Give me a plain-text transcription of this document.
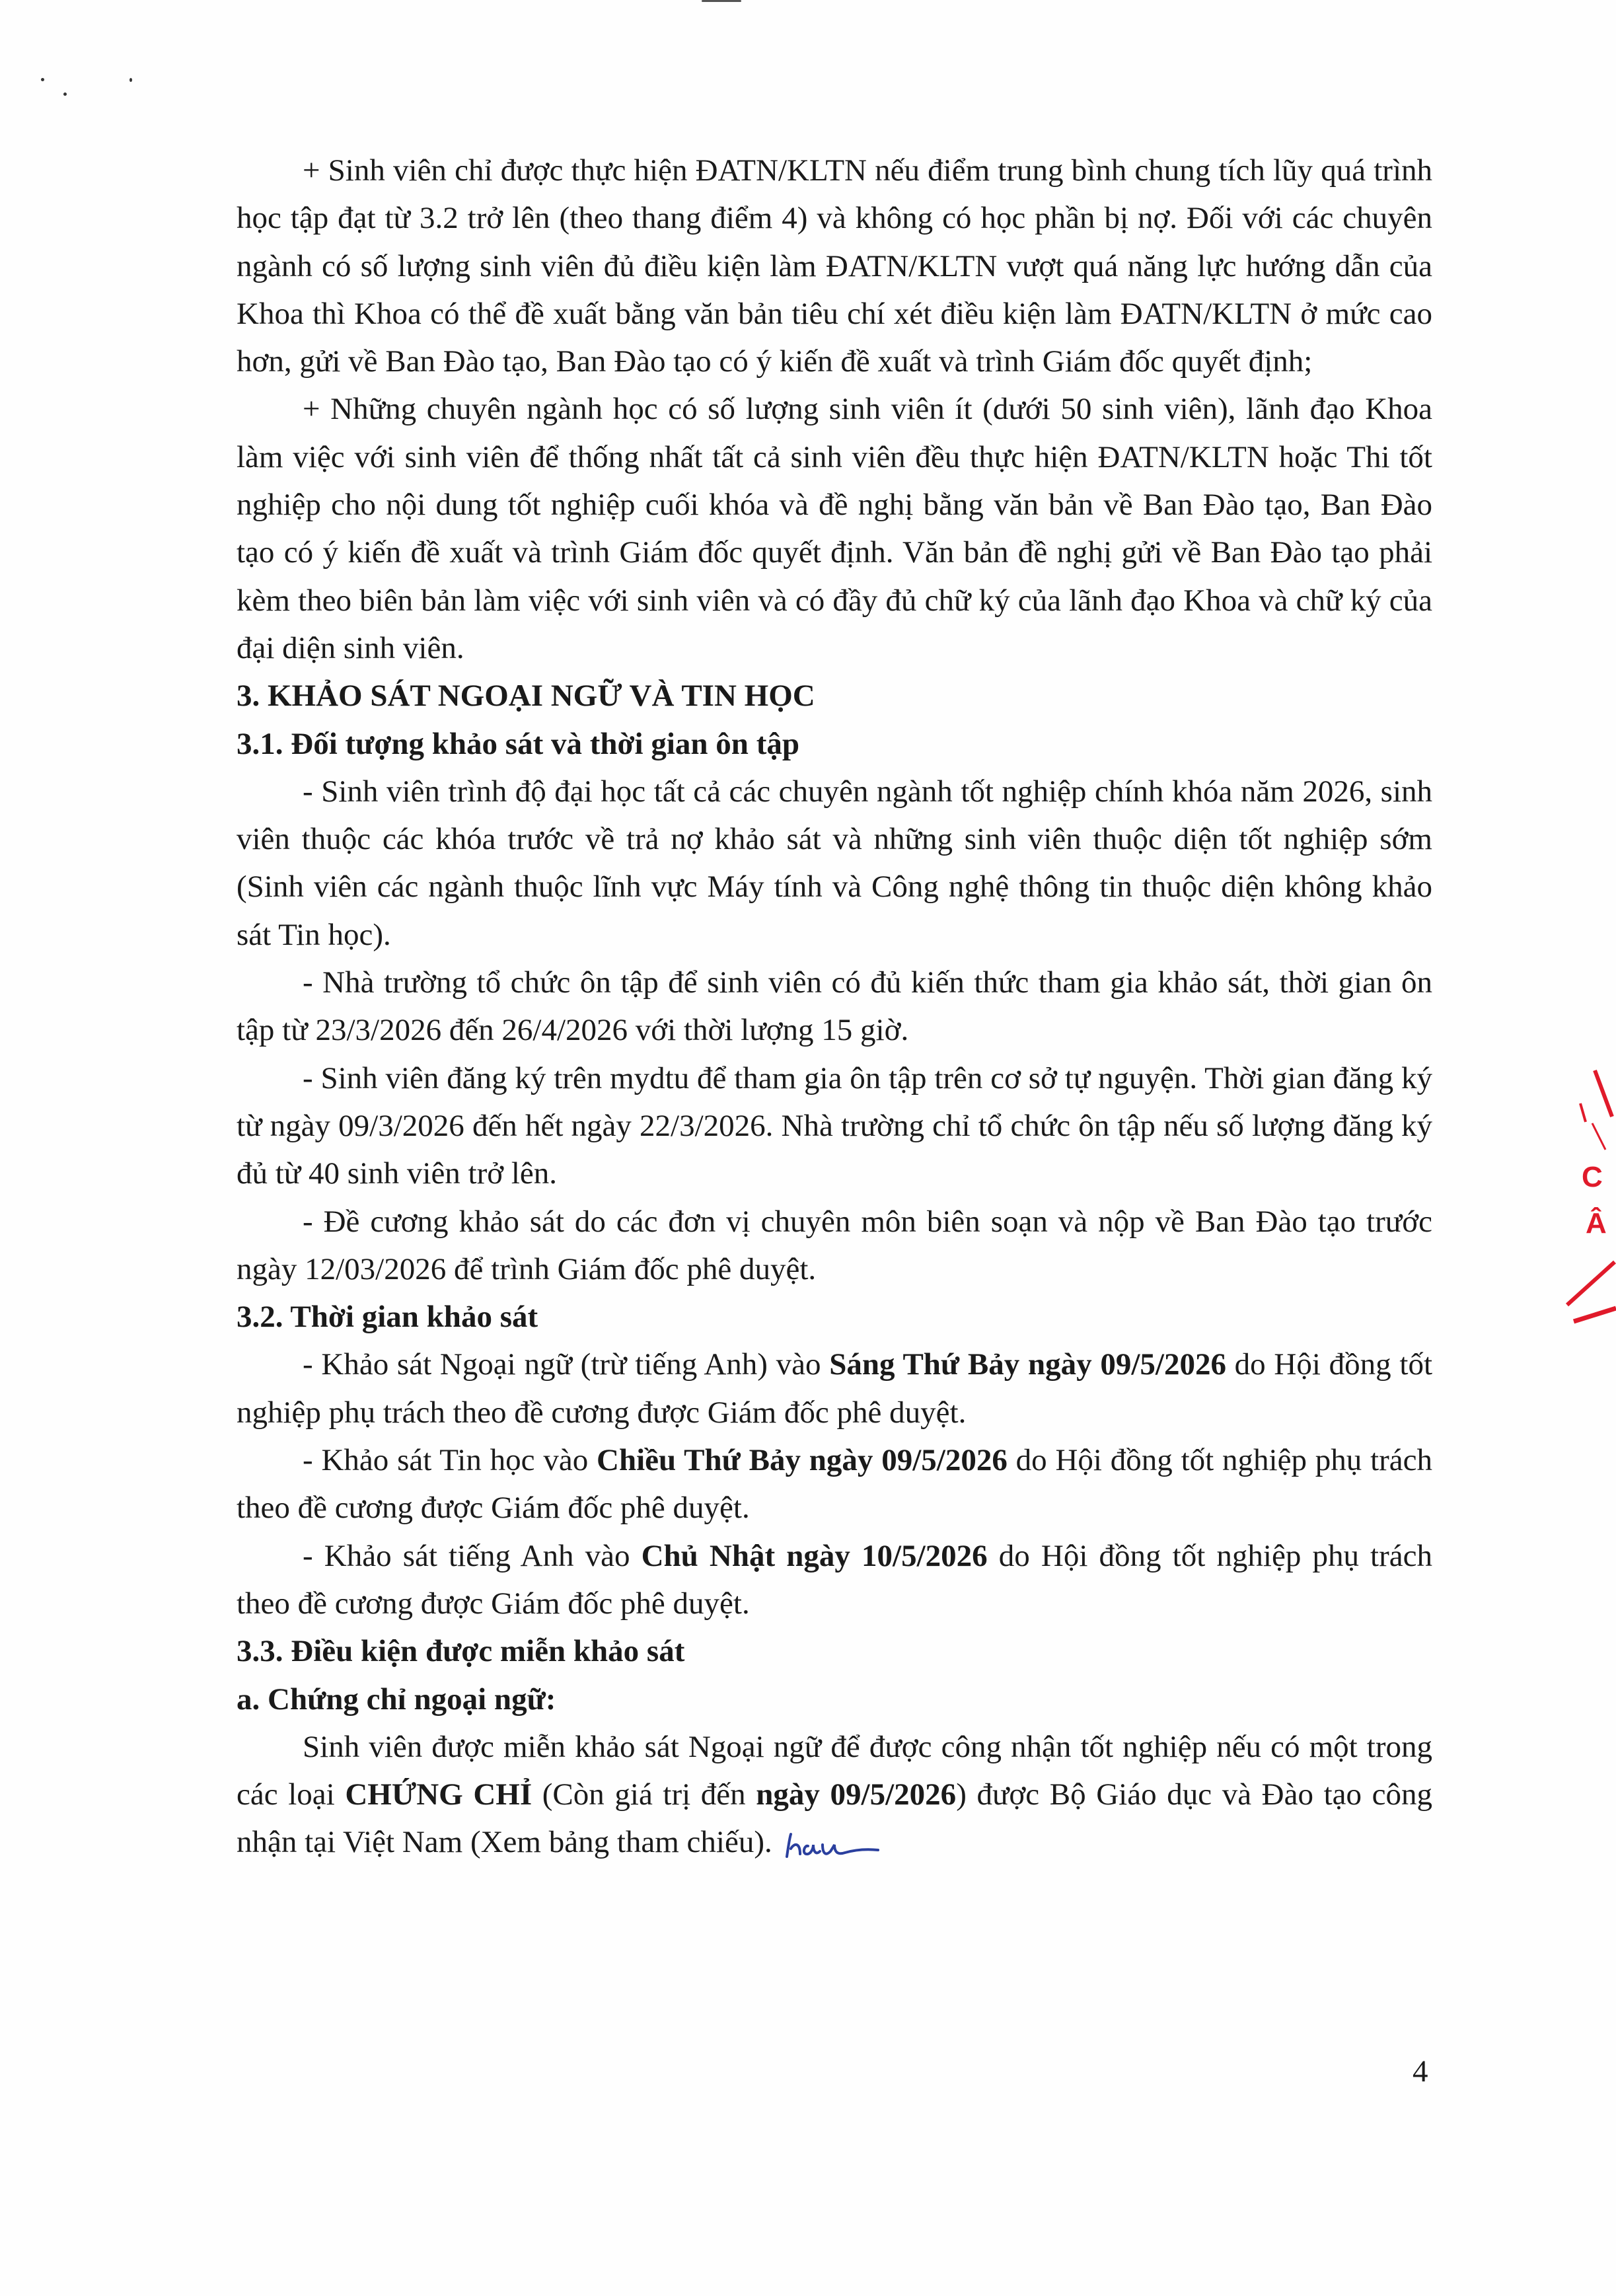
+ Sinh viên chỉ được thực hiện ĐATN/KLTN nếu điểm trung bình chung tích lũy quá trình học tập đạt từ 3.2 trở lên (theo thang điểm 4) và không có học phần bị nợ. Đối với các chuyên ngành có số lượng sinh viên đủ điều kiện làm ĐATN/KLTN vượt quá năng lực hướng dẫn của Khoa thì Khoa có thể đề xuất bằng văn bản tiêu chí xét điều kiện làm ĐATN/KLTN ở mức cao hơn, gửi về Ban Đào tạo, Ban Đào tạo có ý kiến đề xuất và trình Giám đốc quyết định;

+ Những chuyên ngành học có số lượng sinh viên ít (dưới 50 sinh viên), lãnh đạo Khoa làm việc với sinh viên để thống nhất tất cả sinh viên đều thực hiện ĐATN/KLTN hoặc Thi tốt nghiệp cho nội dung tốt nghiệp cuối khóa và đề nghị bằng văn bản về Ban Đào tạo, Ban Đào tạo có ý kiến đề xuất và trình Giám đốc quyết định. Văn bản đề nghị gửi về Ban Đào tạo phải kèm theo biên bản làm việc với sinh viên và có đầy đủ chữ ký của lãnh đạo Khoa và chữ ký của đại diện sinh viên.

3. KHẢO SÁT NGOẠI NGỮ VÀ TIN HỌC
3.1. Đối tượng khảo sát và thời gian ôn tập

- Sinh viên trình độ đại học tất cả các chuyên ngành tốt nghiệp chính khóa năm 2026, sinh viên thuộc các khóa trước về trả nợ khảo sát và những sinh viên thuộc diện tốt nghiệp sớm (Sinh viên các ngành thuộc lĩnh vực Máy tính và Công nghệ thông tin thuộc diện không khảo sát Tin học).

- Nhà trường tổ chức ôn tập để sinh viên có đủ kiến thức tham gia khảo sát, thời gian ôn tập từ 23/3/2026 đến 26/4/2026 với thời lượng 15 giờ.

- Sinh viên đăng ký trên mydtu để tham gia ôn tập trên cơ sở tự nguyện. Thời gian đăng ký từ ngày 09/3/2026 đến hết ngày 22/3/2026. Nhà trường chỉ tổ chức ôn tập nếu số lượng đăng ký đủ từ 40 sinh viên trở lên.

- Đề cương khảo sát do các đơn vị chuyên môn biên soạn và nộp về Ban Đào tạo trước ngày 12/03/2026 để trình Giám đốc phê duyệt.

3.2. Thời gian khảo sát

- Khảo sát Ngoại ngữ (trừ tiếng Anh) vào Sáng Thứ Bảy ngày 09/5/2026 do Hội đồng tốt nghiệp phụ trách theo đề cương được Giám đốc phê duyệt.

- Khảo sát Tin học vào Chiều Thứ Bảy ngày 09/5/2026 do Hội đồng tốt nghiệp phụ trách theo đề cương được Giám đốc phê duyệt.

- Khảo sát tiếng Anh vào Chủ Nhật ngày 10/5/2026 do Hội đồng tốt nghiệp phụ trách theo đề cương được Giám đốc phê duyệt.

3.3. Điều kiện được miễn khảo sát
a. Chứng chỉ ngoại ngữ:

Sinh viên được miễn khảo sát Ngoại ngữ để được công nhận tốt nghiệp nếu có một trong các loại CHỨNG CHỈ (Còn giá trị đến ngày 09/5/2026) được Bộ Giáo dục và Đào tạo công nhận tại Việt Nam (Xem bảng tham chiếu).

4
C
Â
